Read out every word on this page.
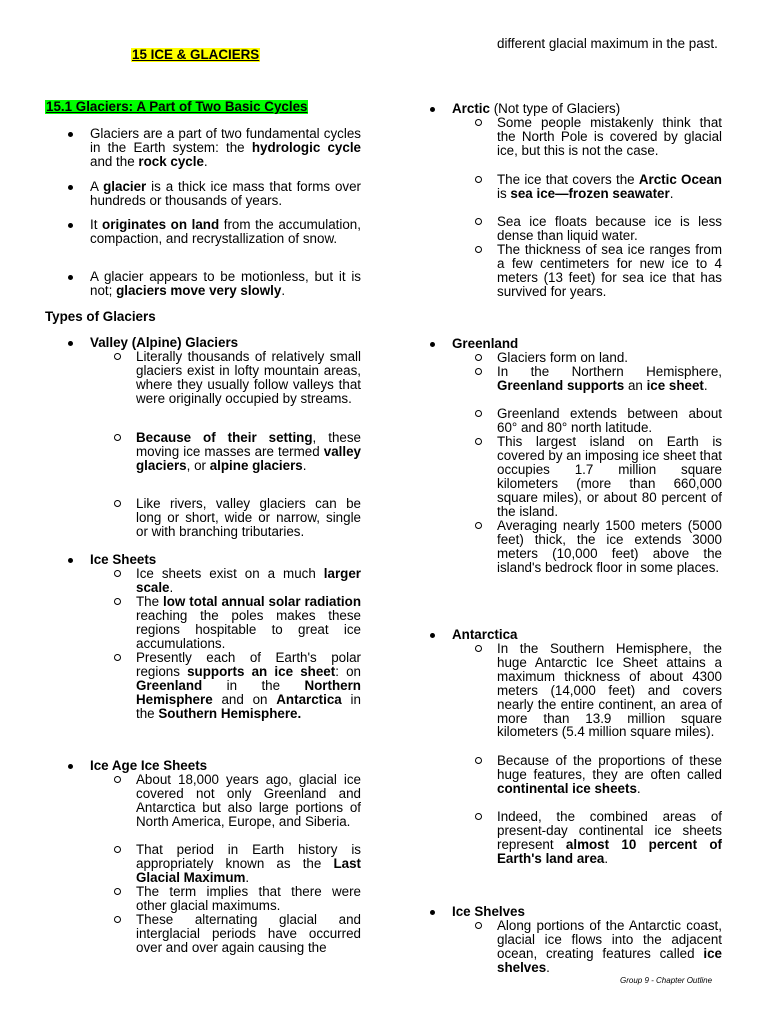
15 ICE & GLACIERS
15.1 Glaciers: A Part of Two Basic Cycles
Glaciers are a part of two fundamental cycles in the Earth system: the hydrologic cycle and the rock cycle.
A glacier is a thick ice mass that forms over hundreds or thousands of years.
It originates on land from the accumulation, compaction, and recrystallization of snow.
A glacier appears to be motionless, but it is not; glaciers move very slowly.
Types of Glaciers
Valley (Alpine) Glaciers
Literally thousands of relatively small glaciers exist in lofty mountain areas, where they usually follow valleys that were originally occupied by streams.
Because of their setting, these moving ice masses are termed valley glaciers, or alpine glaciers.
Like rivers, valley glaciers can be long or short, wide or narrow, single or with branching tributaries.
Ice Sheets
Ice sheets exist on a much larger scale.
The low total annual solar radiation reaching the poles makes these regions hospitable to great ice accumulations.
Presently each of Earth's polar regions supports an ice sheet: on Greenland in the Northern Hemisphere and on Antarctica in the Southern Hemisphere.
Ice Age Ice Sheets
About 18,000 years ago, glacial ice covered not only Greenland and Antarctica but also large portions of North America, Europe, and Siberia.
That period in Earth history is appropriately known as the Last Glacial Maximum.
The term implies that there were other glacial maximums.
These alternating glacial and interglacial periods have occurred over and over again causing the
different glacial maximum in the past.
Arctic (Not type of Glaciers)
Some people mistakenly think that the North Pole is covered by glacial ice, but this is not the case.
The ice that covers the Arctic Ocean is sea ice—frozen seawater.
Sea ice floats because ice is less dense than liquid water.
The thickness of sea ice ranges from a few centimeters for new ice to 4 meters (13 feet) for sea ice that has survived for years.
Greenland
Glaciers form on land.
In the Northern Hemisphere, Greenland supports an ice sheet.
Greenland extends between about 60° and 80° north latitude.
This largest island on Earth is covered by an imposing ice sheet that occupies 1.7 million square kilometers (more than 660,000 square miles), or about 80 percent of the island.
Averaging nearly 1500 meters (5000 feet) thick, the ice extends 3000 meters (10,000 feet) above the island's bedrock floor in some places.
Antarctica
In the Southern Hemisphere, the huge Antarctic Ice Sheet attains a maximum thickness of about 4300 meters (14,000 feet) and covers nearly the entire continent, an area of more than 13.9 million square kilometers (5.4 million square miles).
Because of the proportions of these huge features, they are often called continental ice sheets.
Indeed, the combined areas of present-day continental ice sheets represent almost 10 percent of Earth's land area.
Ice Shelves
Along portions of the Antarctic coast, glacial ice flows into the adjacent ocean, creating features called ice shelves.
Group 9 - Chapter Outline
